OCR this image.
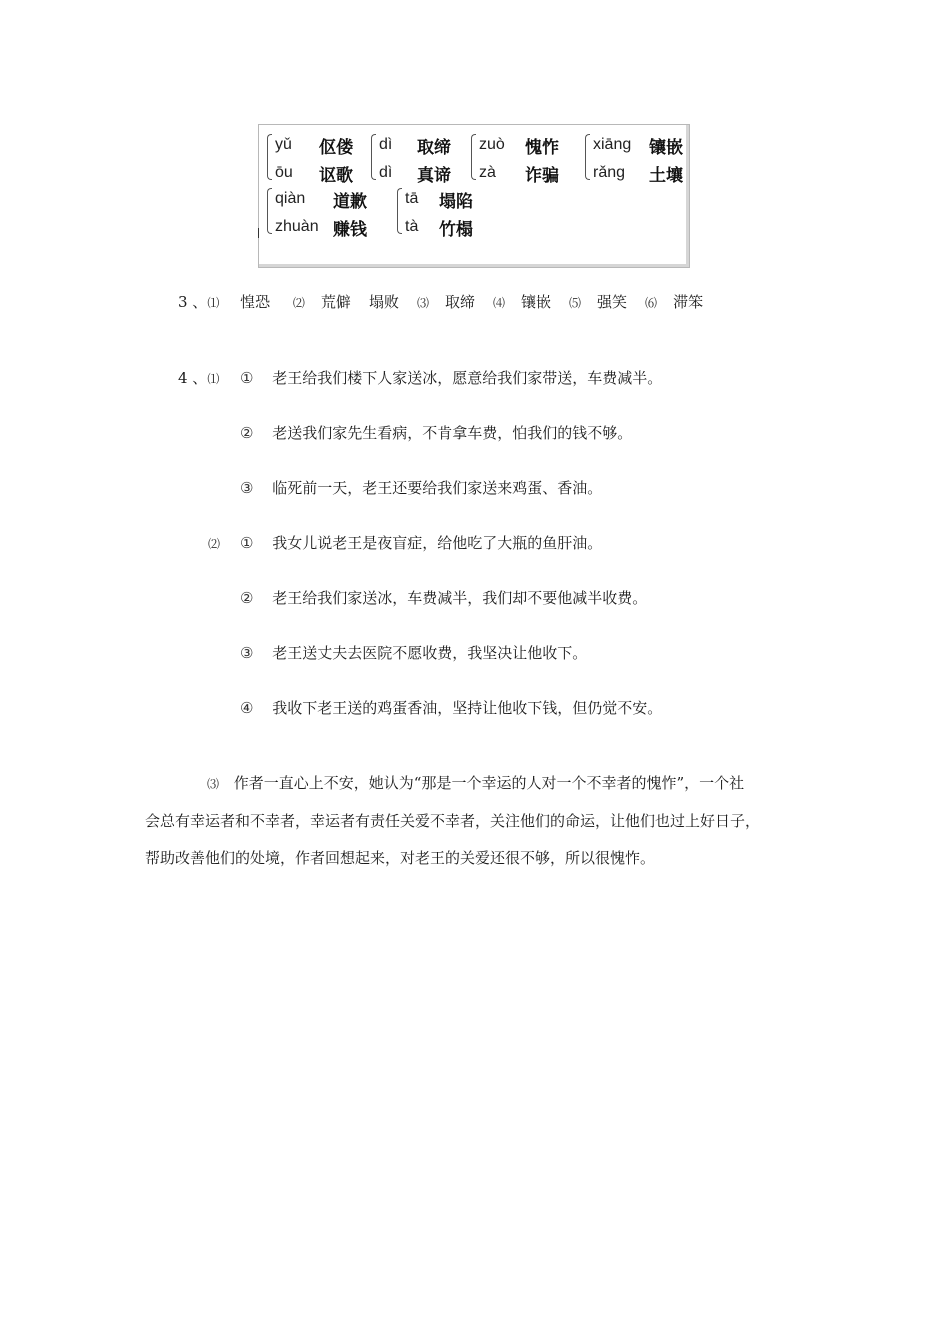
yǔ	伛偻
ōu	讴歌
dì	取缔
dì	真谛
zuò	愧怍
zà	诈骗
xiāng	镶嵌
rǎng	土壤
qiàn	道歉
zhuàn 赚钱
tā	塌陷
tà	竹榻
3 、⑴ 惶恐 ⑵ 荒僻 塌败 ⑶ 取缔 ⑷ 镶嵌 ⑸ 强笑 ⑹ 滞笨
4 、⑴ ① 老王给我们楼下人家送冰，愿意给我们家带送，车费减半。
② 老送我们家先生看病，不肯拿车费，怕我们的钱不够。
③ 临死前一天，老王还要给我们家送来鸡蛋、香油。
⑵ ① 我女儿说老王是夜盲症，给他吃了大瓶的鱼肝油。
② 老王给我们家送冰，车费减半，我们却不要他减半收费。
③ 老王送丈夫去医院不愿收费，我坚决让他收下。
④ 我收下老王送的鸡蛋香油，坚持让他收下钱，但仍觉不安。
⑶ 作者一直心上不安，她认为“那是一个幸运的人对一个不幸者的愧怍”，一个社
会总有幸运者和不幸者，幸运者有责任关爱不幸者，关注他们的命运，让他们也过上好日子，
帮助改善他们的处境，作者回想起来，对老王的关爱还很不够，所以很愧怍。
